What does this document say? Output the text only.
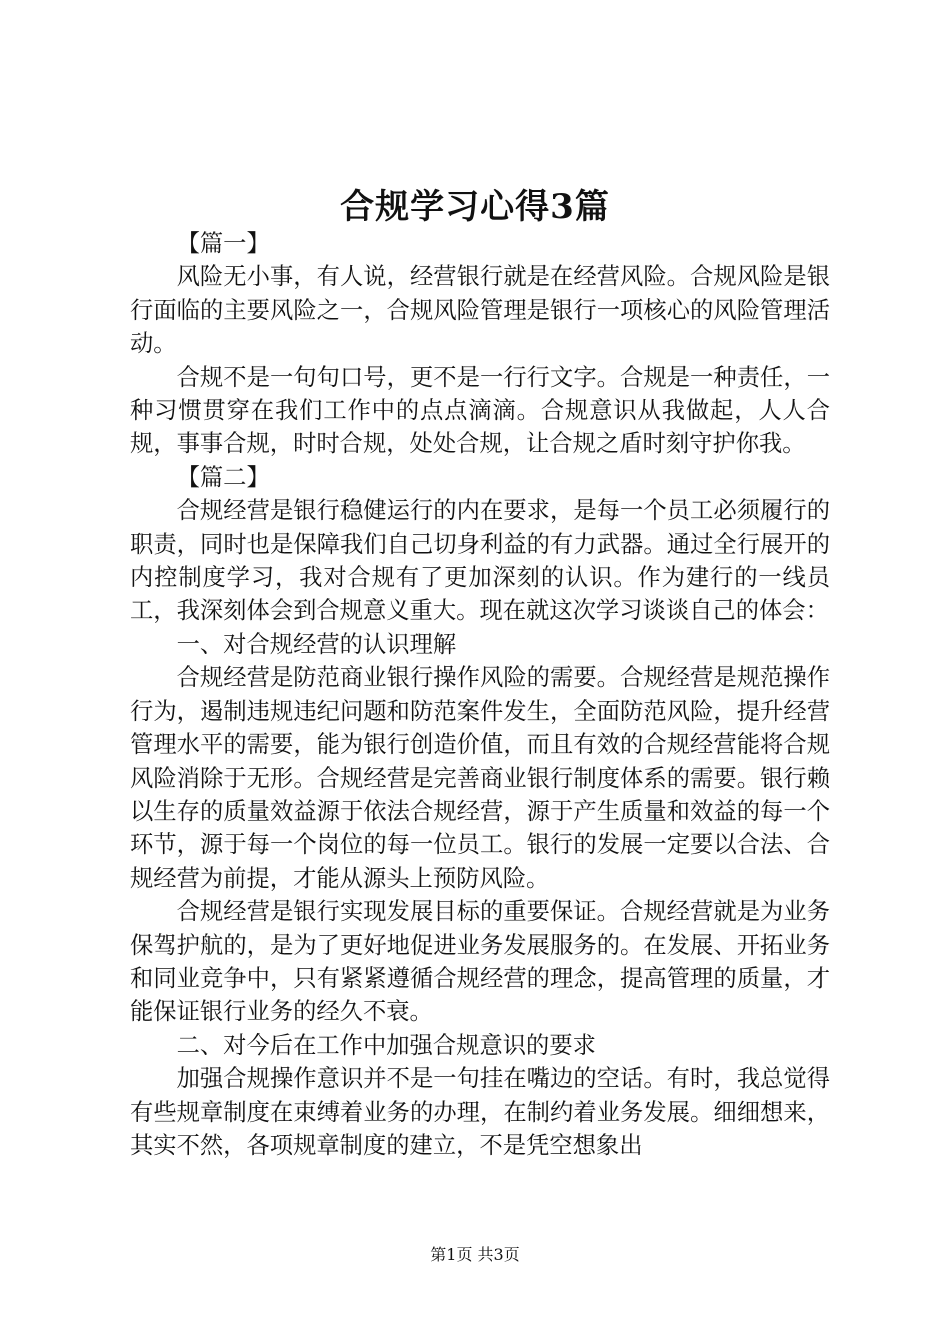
合规学习心得3篇

【篇一】

风险无小事，有人说，经营银行就是在经营风险。合规风险是银行面临的主要风险之一，合规风险管理是银行一项核心的风险管理活动。

合规不是一句句口号，更不是一行行文字。合规是一种责任，一种习惯贯穿在我们工作中的点点滴滴。合规意识从我做起，人人合规，事事合规，时时合规，处处合规，让合规之盾时刻守护你我。

【篇二】

合规经营是银行稳健运行的内在要求，是每一个员工必须履行的职责，同时也是保障我们自己切身利益的有力武器。通过全行展开的内控制度学习，我对合规有了更加深刻的认识。作为建行的一线员工，我深刻体会到合规意义重大。现在就这次学习谈谈自己的体会：

一、对合规经营的认识理解

合规经营是防范商业银行操作风险的需要。合规经营是规范操作行为，遏制违规违纪问题和防范案件发生，全面防范风险，提升经营管理水平的需要，能为银行创造价值，而且有效的合规经营能将合规风险消除于无形。合规经营是完善商业银行制度体系的需要。银行赖以生存的质量效益源于依法合规经营，源于产生质量和效益的每一个环节，源于每一个岗位的每一位员工。银行的发展一定要以合法、合规经营为前提，才能从源头上预防风险。

合规经营是银行实现发展目标的重要保证。合规经营就是为业务保驾护航的，是为了更好地促进业务发展服务的。在发展、开拓业务和同业竞争中，只有紧紧遵循合规经营的理念，提高管理的质量，才能保证银行业务的经久不衰。

二、对今后在工作中加强合规意识的要求

加强合规操作意识并不是一句挂在嘴边的空话。有时，我总觉得有些规章制度在束缚着业务的办理，在制约着业务发展。细细想来，其实不然，各项规章制度的建立，不是凭空想象出

第1页 共3页
